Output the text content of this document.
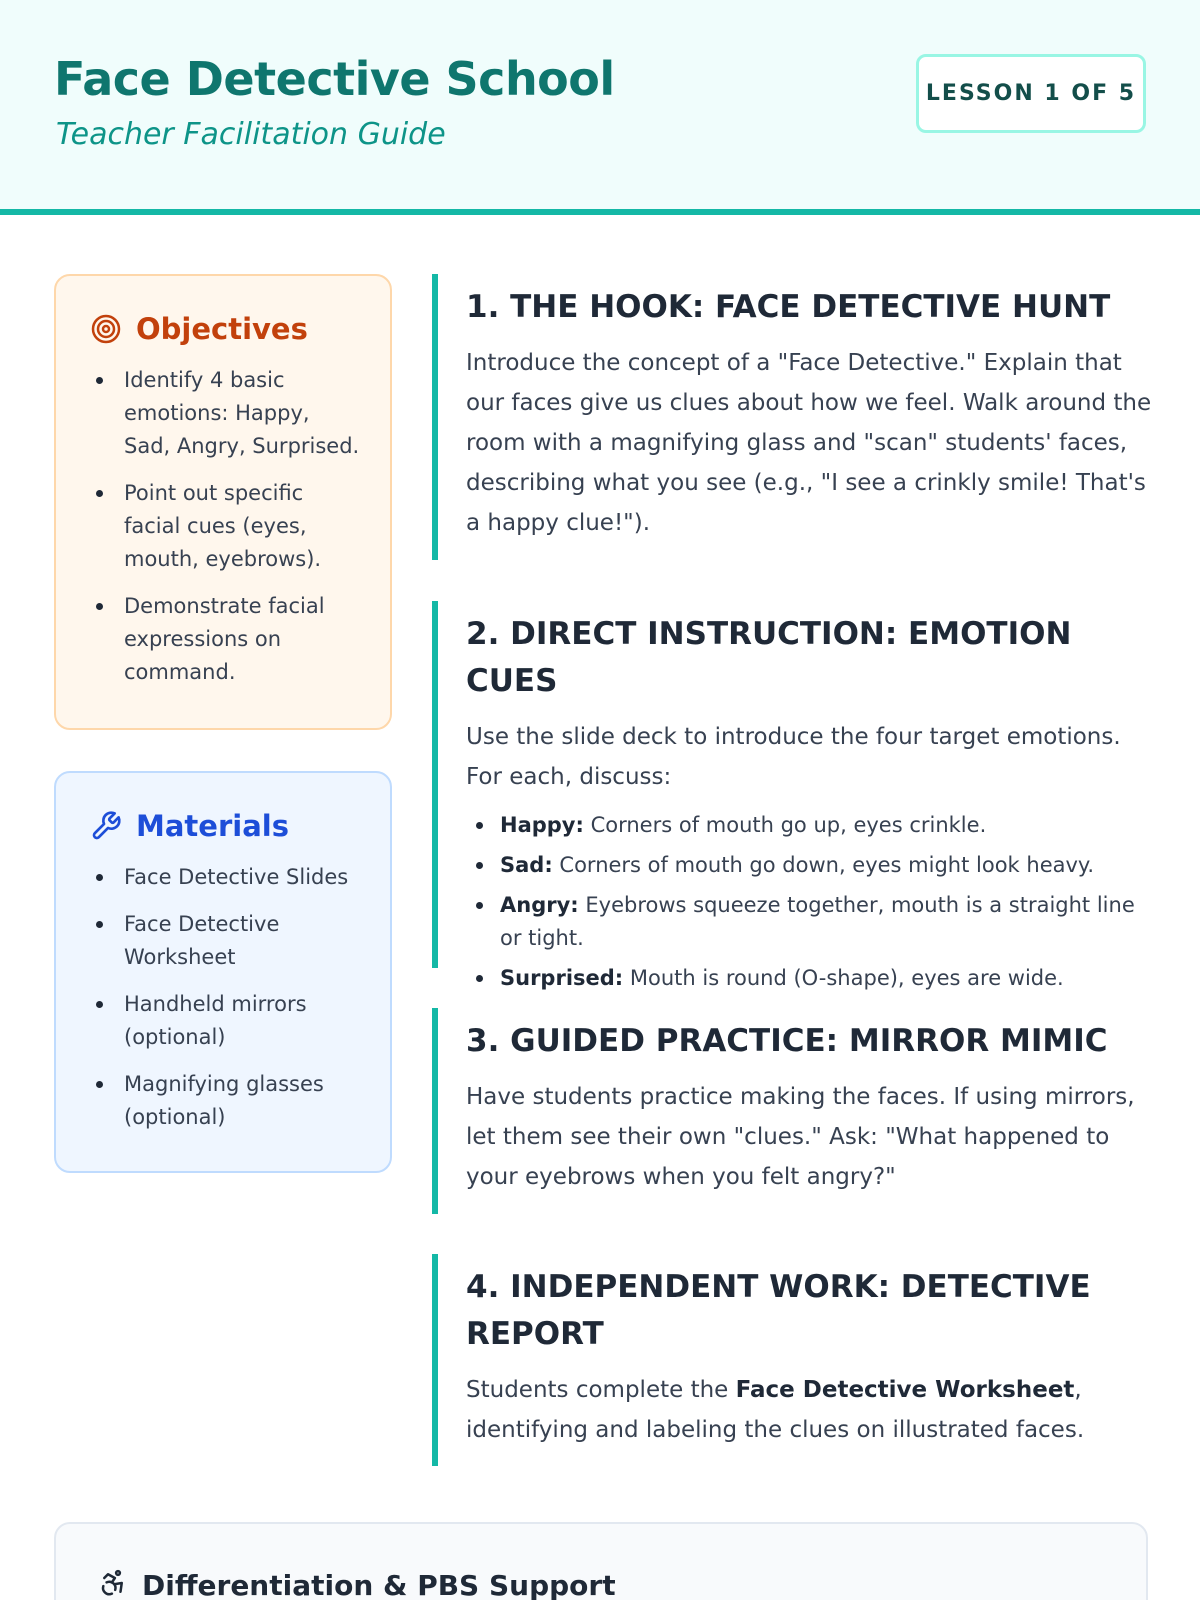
Face Detective School
Teacher Facilitation Guide
LESSON 1 OF 5
Objectives
Identify 4 basic emotions: Happy, Sad, Angry, Surprised.
Point out specific facial cues (eyes, mouth, eyebrows).
Demonstrate facial expressions on command.
Materials
Face Detective Slides
Face Detective Worksheet
Handheld mirrors (optional)
Magnifying glasses (optional)
1. THE HOOK: FACE DETECTIVE HUNT

Introduce the concept of a "Face Detective." Explain that our faces give us clues about how we feel. Walk around the room with a magnifying glass and "scan" students' faces, describing what you see (e.g., "I see a crinkly smile! That's a happy clue!").

2. DIRECT INSTRUCTION: EMOTION CUES

Use the slide deck to introduce the four target emotions. For each, discuss:

Happy: Corners of mouth go up, eyes crinkle.
Sad: Corners of mouth go down, eyes might look heavy.
Angry: Eyebrows squeeze together, mouth is a straight line or tight.
Surprised: Mouth is round (O-shape), eyes are wide.
3. GUIDED PRACTICE: MIRROR MIMIC

Have students practice making the faces. If using mirrors, let them see their own "clues." Ask: "What happened to your eyebrows when you felt angry?"

4. INDEPENDENT WORK: DETECTIVE REPORT

Students complete the Face Detective Worksheet, identifying and labeling the clues on illustrated faces.

Differentiation & PBS Support
